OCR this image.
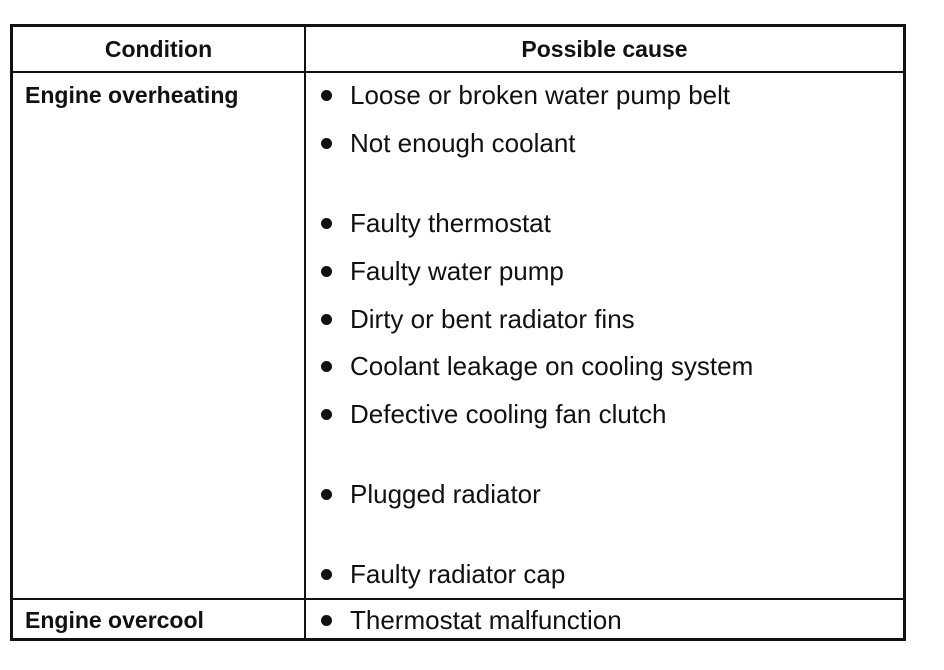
Condition	Possible cause
Engine overheating	Loose or broken water pump belt
Not enough coolant
Faulty thermostat
Faulty water pump
Dirty or bent radiator fins
Coolant leakage on cooling system
Defective cooling fan clutch
Plugged radiator
Faulty radiator cap
Engine overcool	Thermostat malfunction
